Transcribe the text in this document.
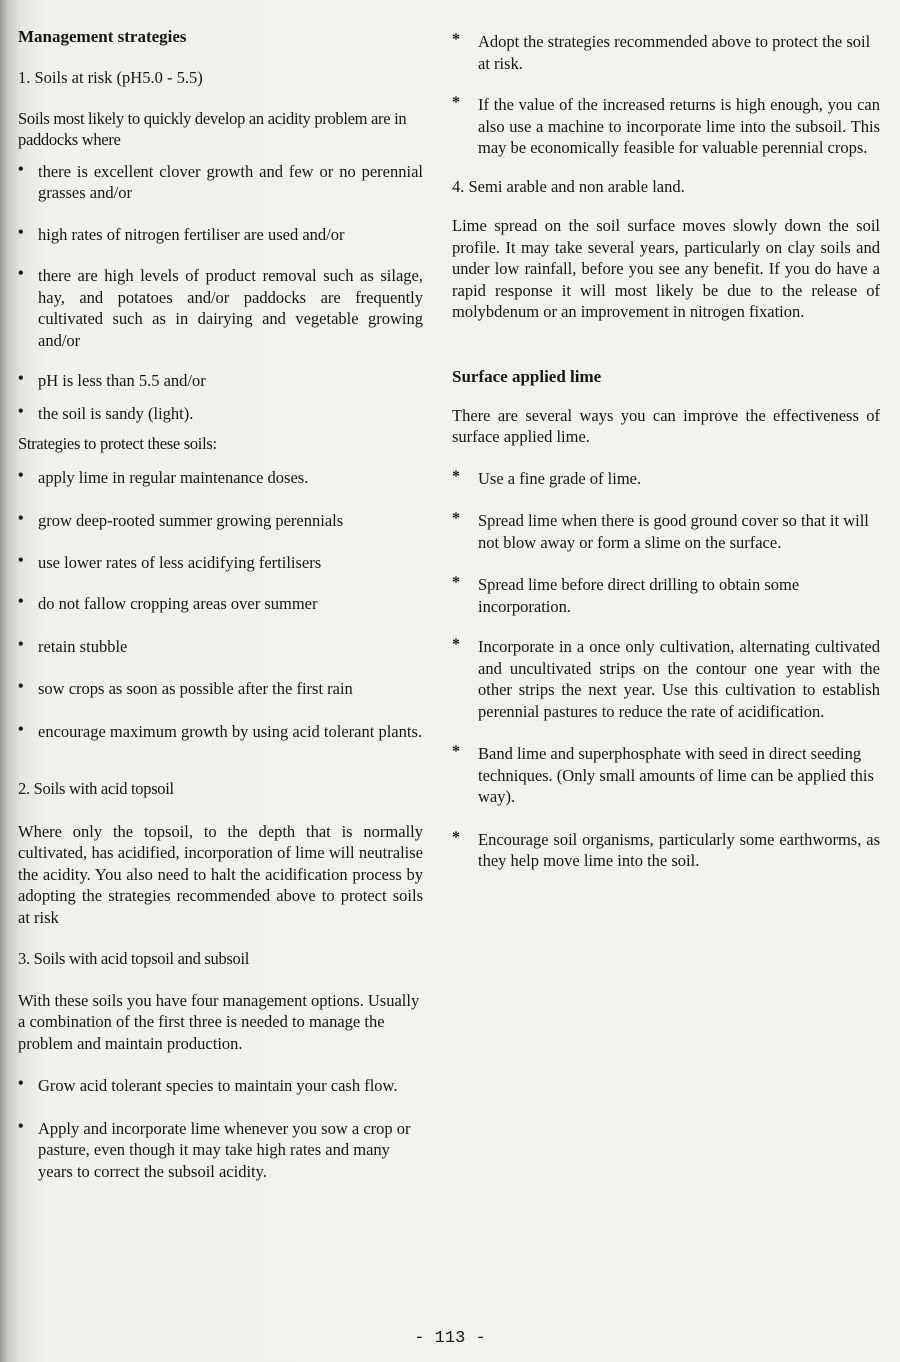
Management strategies

1. Soils at risk (pH5.0 - 5.5)

Soils most likely to quickly develop an acidity problem are in paddocks where

• there is excellent clover growth and few or no perennial grasses and/or
• high rates of nitrogen fertiliser are used and/or
• there are high levels of product removal such as silage, hay, and potatoes and/or paddocks are frequently cultivated such as in dairying and vegetable growing and/or
• pH is less than 5.5 and/or
• the soil is sandy (light).

Strategies to protect these soils:

• apply lime in regular maintenance doses.
• grow deep-rooted summer growing perennials
• use lower rates of less acidifying fertilisers
• do not fallow cropping areas over summer
• retain stubble
• sow crops as soon as possible after the first rain
• encourage maximum growth by using acid tolerant plants.

2. Soils with acid topsoil

Where only the topsoil, to the depth that is normally cultivated, has acidified, incorporation of lime will neutralise the acidity. You also need to halt the acidification process by adopting the strategies recommended above to protect soils at risk

3. Soils with acid topsoil and subsoil

With these soils you have four management options. Usually a combination of the first three is needed to manage the problem and maintain production.

• Grow acid tolerant species to maintain your cash flow.
• Apply and incorporate lime whenever you sow a crop or pasture, even though it may take high rates and many years to correct the subsoil acidity.
*	Adopt the strategies recommended above to protect the soil at risk.
*	If the value of the increased returns is high enough, you can also use a machine to incorporate lime into the subsoil. This may be economically feasible for valuable perennial crops.

4. Semi arable and non arable land.

Lime spread on the soil surface moves slowly down the soil profile. It may take several years, particularly on clay soils and under low rainfall, before you see any benefit. If you do have a rapid response it will most likely be due to the release of molybdenum or an improvement in nitrogen fixation.

Surface applied lime

There are several ways you can improve the effectiveness of surface applied lime.

*	Use a fine grade of lime.
*	Spread lime when there is good ground cover so that it will not blow away or form a slime on the surface.
*	Spread lime before direct drilling to obtain some incorporation.
*	Incorporate in a once only cultivation, alternating cultivated and uncultivated strips on the contour one year with the other strips the next year. Use this cultivation to establish perennial pastures to reduce the rate of acidification.
*	Band lime and superphosphate with seed in direct seeding techniques. (Only small amounts of lime can be applied this way).
*	Encourage soil organisms, particularly some earthworms, as they help move lime into the soil.
- 113 -
